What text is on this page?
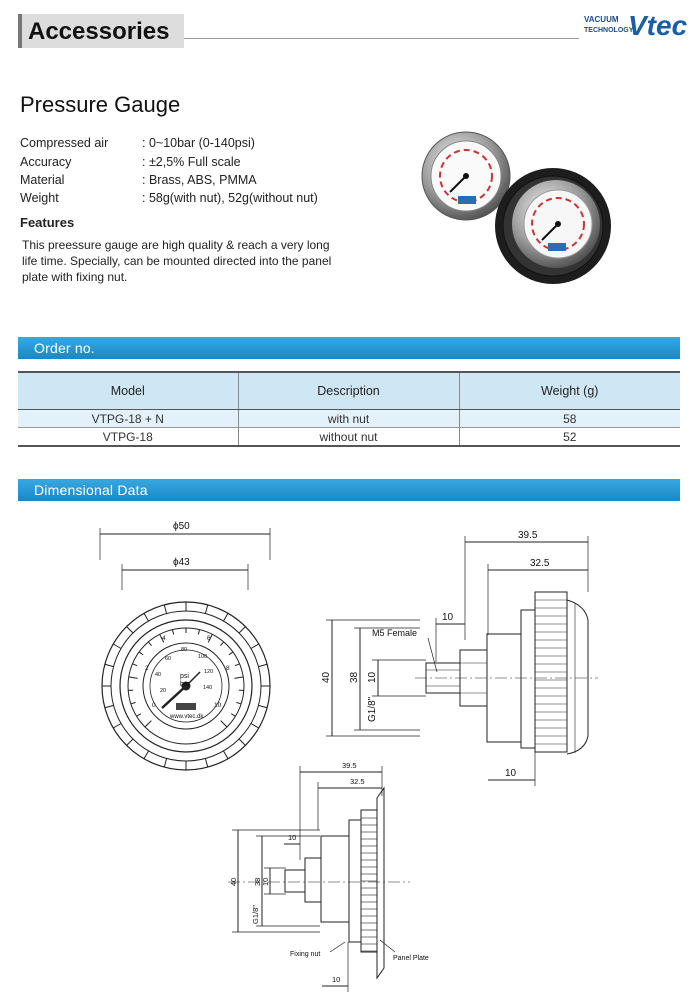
Accessories	VACUUM
TECHNOLOGY
Vtec
Pressure Gauge
Compressed air	: 0~10bar (0-140psi)
Accuracy	: ±2,5% Full scale
Material	: Brass, ABS, PMMA
Weight	: 58g(with nut), 52g(without nut)
Features
This preessure gauge are high quality & reach a very long life time. Specially, can be mounted directed into the panel plate with fixing nut.
Order no.
Model	Description	Weight (g)
VTPG-18 + N	with nut	58
VTPG-18	without nut	52
Dimensional Data
ϕ50
ϕ43
psi
bar
www.vtec.dk
0
2
4	6
8
10
20
40
60
80
100
120
140
39.5
32.5
10
M5 Female
40 38 10
G1/8"
10
39.5
32.5
10
40 38 10
G1/8"
Fixing nut
Panel Plate
10
